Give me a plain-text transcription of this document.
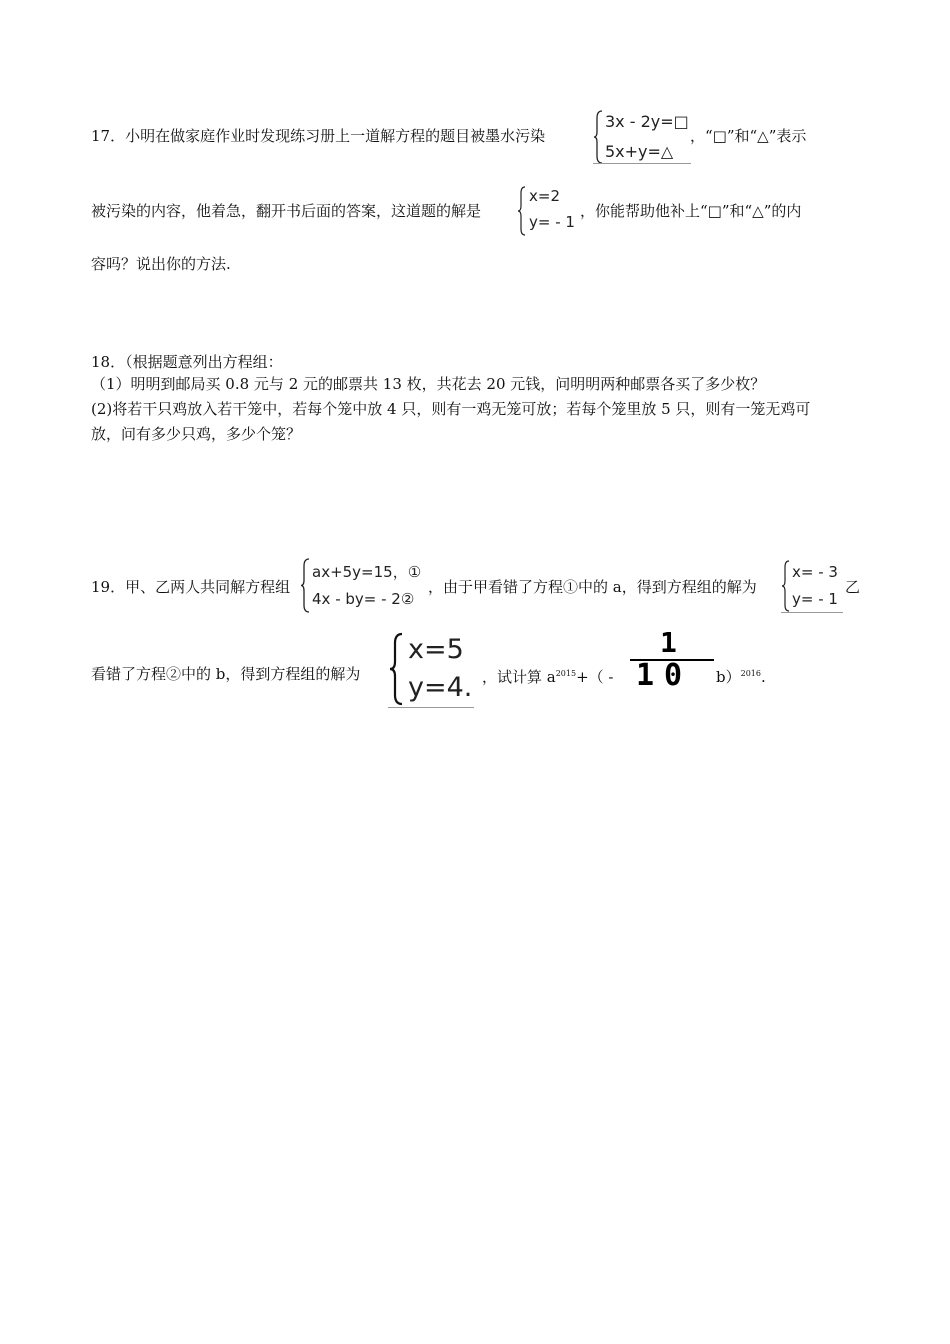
17．小明在做家庭作业时发现练习册上一道解方程的题目被墨水污染
3x - 2y=□
5x+y=△
，“□”和“△”表示
被污染的内容，他着急，翻开书后面的答案，这道题的解是
x=2
y= - 1
，你能帮助他补上“□”和“△”的内
容吗？说出你的方法.
18．（根据题意列出方程组：
（1）明明到邮局买 0.8 元与 2 元的邮票共 13 枚，共花去 20 元钱，问明明两种邮票各买了多少枚？
(2)将若干只鸡放入若干笼中，若每个笼中放 4 只，则有一鸡无笼可放；若每个笼里放 5 只，则有一笼无鸡可
放，问有多少只鸡，多少个笼？
19．甲、乙两人共同解方程组
ax+5y=15，①
4x - by= - 2②
，由于甲看错了方程①中的 a，得到方程组的解为
x= - 3
y= - 1
乙
看错了方程②中的 b，得到方程组的解为
x=5
y=4. ，试计算 $a^{2015}+$（ -
1
10 b）$^{2016}$.
